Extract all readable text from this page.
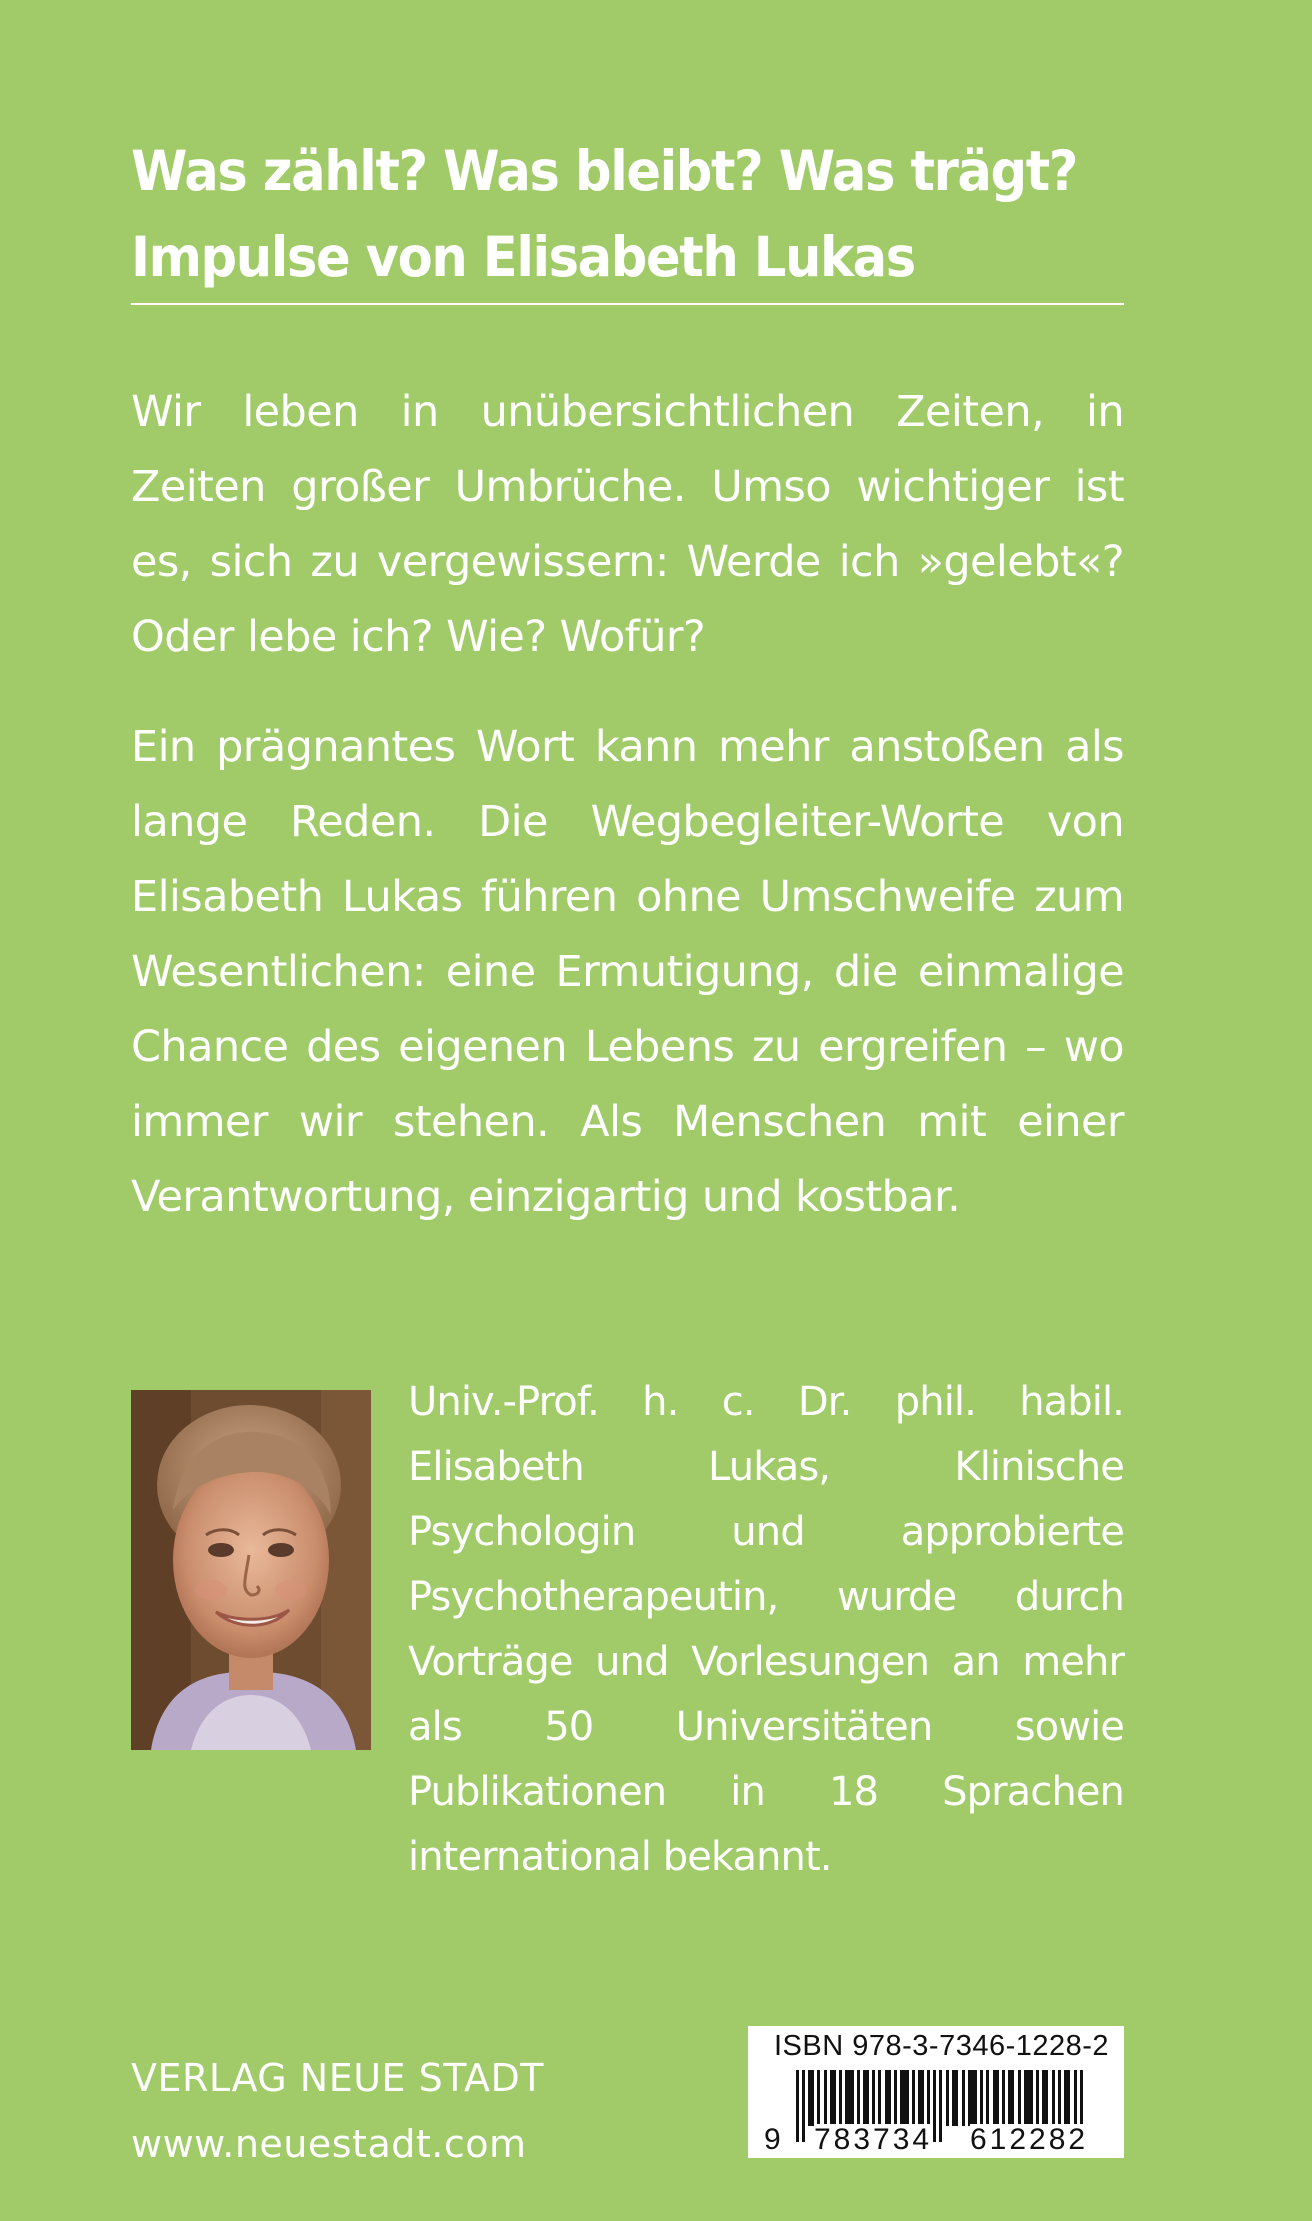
Was zählt? Was bleibt? Was trägt?
Impulse von Elisabeth Lukas
Wir leben in unübersichtlichen Zeiten, in Zeiten großer Umbrüche. Umso wichtiger ist es, sich zu vergewissern: Werde ich »gelebt«? Oder lebe ich? Wie? Wofür?
Ein prägnantes Wort kann mehr anstoßen als lange Reden. Die Wegbegleiter-Worte von Elisabeth Lukas führen ohne Umschweife zum Wesentlichen: eine Ermutigung, die einmalige Chance des eigenen Lebens zu ergreifen – wo immer wir stehen. Als Menschen mit einer Verantwortung, einzigartig und kostbar.
Univ.-Prof. h. c. Dr. phil. habil. Elisabeth Lukas, Klinische Psychologin und approbierte Psychotherapeutin, wurde durch Vorträge und Vorlesungen an mehr als 50 Universitäten sowie Publikationen in 18 Sprachen international bekannt.
VERLAG NEUE STADT
www.neuestadt.com
ISBN 978-3-7346-1228-2
9 783734 612282
